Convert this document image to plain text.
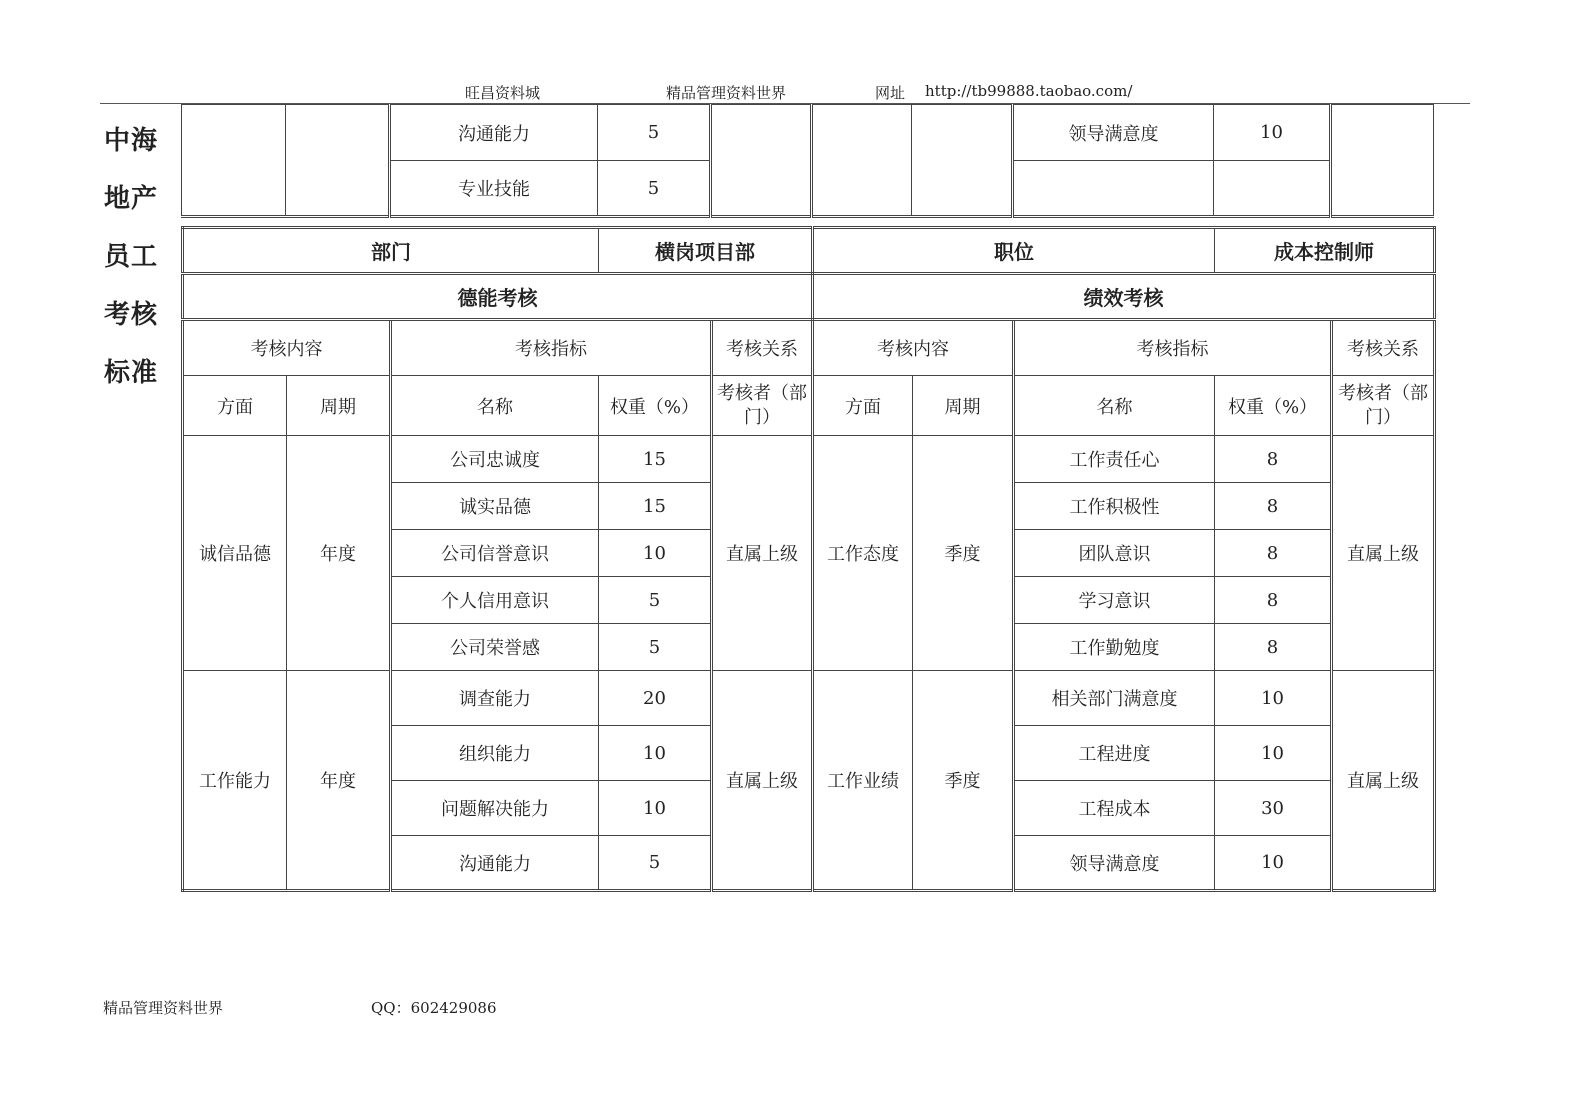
旺昌资料城	精品管理资料世界	网址 http://tb99888.taobao.com/
中海
地产
员工
考核
标准
		沟通能力	5				领导满意度	10	
		专业技能	5						
部门			横岗项目部		职位			成本控制师	
德能考核					绩效考核				
考核内容		考核指标		考核关系	考核内容		考核指标		考核关系
方面	周期	名称	权重（%）	考核者（部门）	方面	周期	名称	权重（%）	考核者（部门）
诚信品德	年度	公司忠诚度	15	直属上级	工作态度	季度	工作责任心	8	直属上级
		诚实品德	15				工作积极性	8	
		公司信誉意识	10				团队意识	8	
		个人信用意识	5				学习意识	8	
		公司荣誉感	5				工作勤勉度	8	
工作能力	年度	调查能力	20	直属上级	工作业绩	季度	相关部门满意度	10	直属上级
		组织能力	10				工程进度	10	
		问题解决能力	10				工程成本	30	
		沟通能力	5				领导满意度	10	
精品管理资料世界	QQ：602429086
